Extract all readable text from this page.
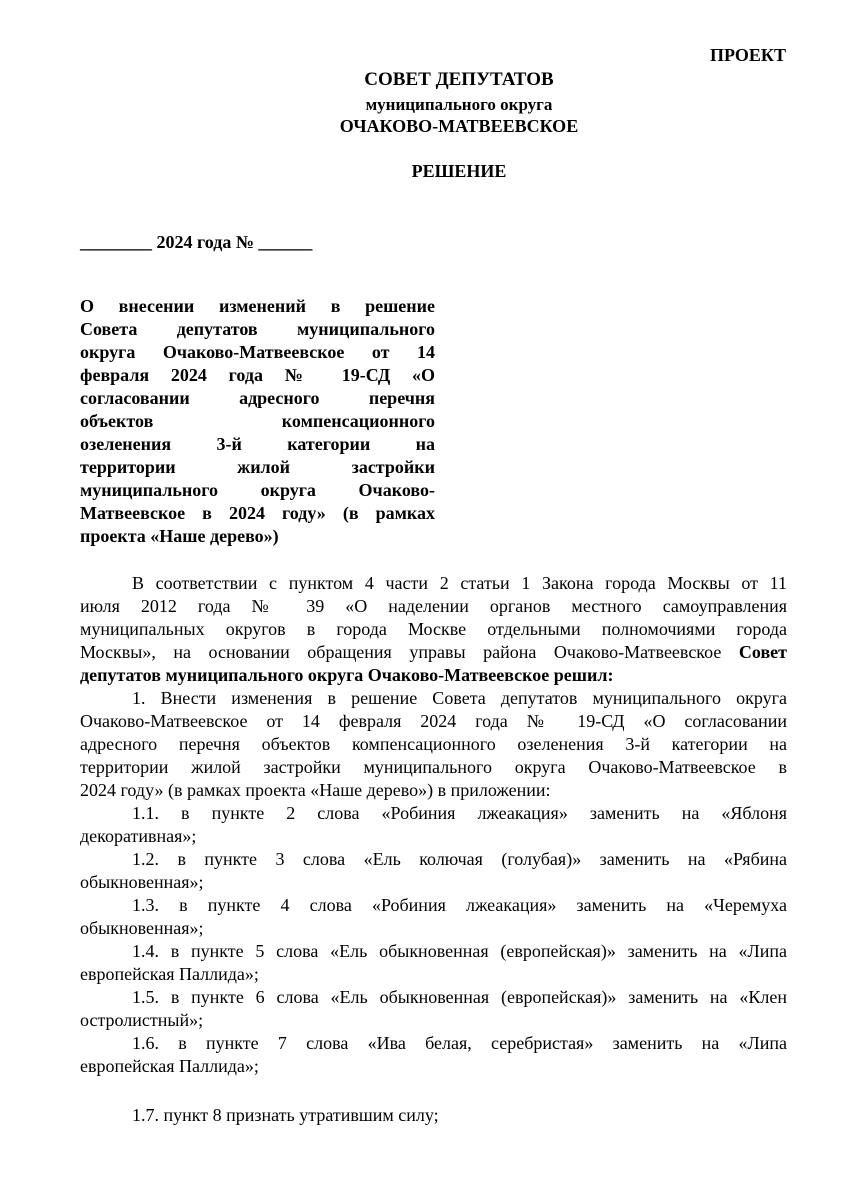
ПРОЕКТ
СОВЕТ ДЕПУТАТОВ
муниципального округа
ОЧАКОВО-МАТВЕЕВСКОЕ
РЕШЕНИЕ
________ 2024 года № ______
О внесении изменений в решение
Совета депутатов муниципального
округа Очаково-Матвеевское от 14
февраля 2024 года № 19-СД «О
согласовании адресного перечня
объектов компенсационного
озеленения 3-й категории на
территории жилой застройки
муниципального округа Очаково-
Матвеевское в 2024 году» (в рамках
проекта «Наше дерево»)
В соответствии с пунктом 4 части 2 статьи 1 Закона города Москвы от 11
июля 2012 года № 39 «О наделении органов местного самоуправления
муниципальных округов в города Москве отдельными полномочиями города
Москвы», на основании обращения управы района Очаково-Матвеевское Совет
депутатов муниципального округа Очаково-Матвеевское решил:
1. Внести изменения в решение Совета депутатов муниципального округа
Очаково-Матвеевское от 14 февраля 2024 года № 19-СД «О согласовании
адресного перечня объектов компенсационного озеленения 3-й категории на
территории жилой застройки муниципального округа Очаково-Матвеевское в
2024 году» (в рамках проекта «Наше дерево») в приложении:
1.1. в пункте 2 слова «Робиния лжеакация» заменить на «Яблоня
декоративная»;
1.2. в пункте 3 слова «Ель колючая (голубая)» заменить на «Рябина
обыкновенная»;
1.3. в пункте 4 слова «Робиния лжеакация» заменить на «Черемуха
обыкновенная»;
1.4. в пункте 5 слова «Ель обыкновенная (европейская)» заменить на «Липа
европейская Паллида»;
1.5. в пункте 6 слова «Ель обыкновенная (европейская)» заменить на «Клен
остролистный»;
1.6. в пункте 7 слова «Ива белая, серебристая» заменить на «Липа
европейская Паллида»;
1.7. пункт 8 признать утратившим силу;
